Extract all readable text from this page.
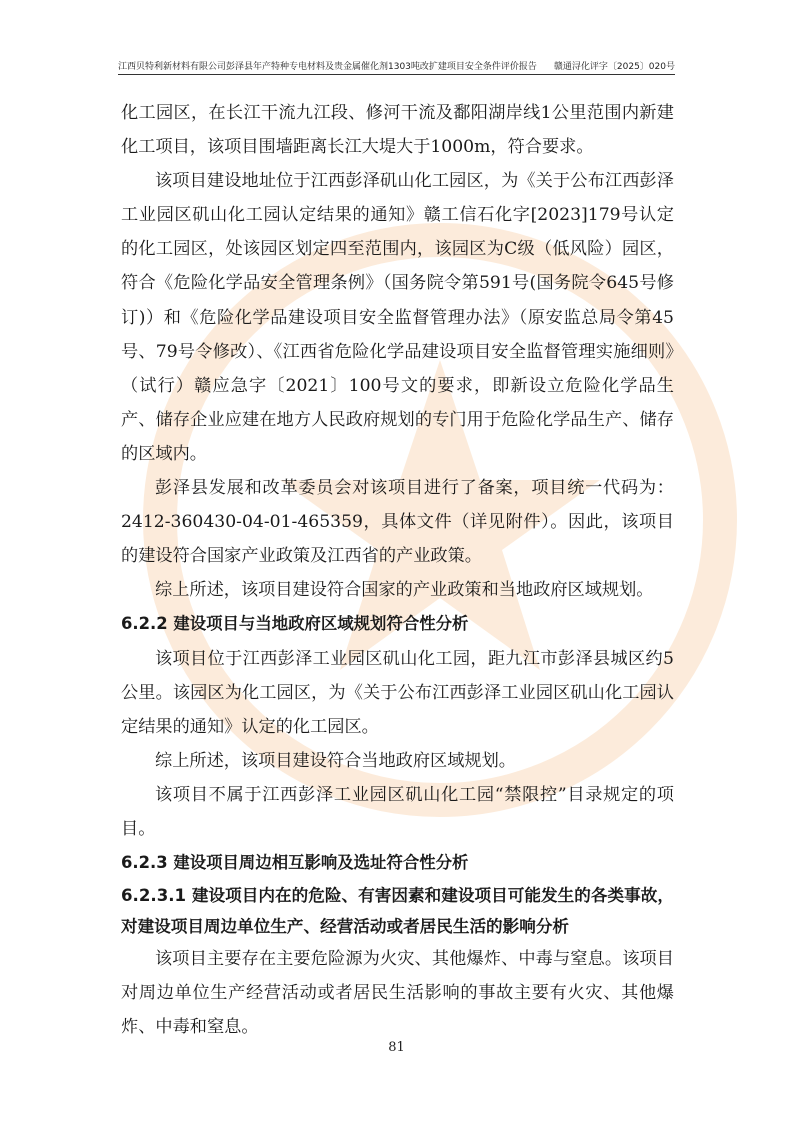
江西贝特利新材料有限公司彭泽县年产特种专电材料及贵金属催化剂1303吨改扩建项目安全条件评价报告 赣通浔化评字〔2025〕020号

化工园区，在长江干流九江段、修河干流及鄱阳湖岸线1公里范围内新建化工项目，该项目围墙距离长江大堤大于1000m，符合要求。

该项目建设地址位于江西彭泽矶山化工园区，为《关于公布江西彭泽工业园区矶山化工园认定结果的通知》赣工信石化字[2023]179号认定的化工园区，处该园区划定四至范围内，该园区为C级（低风险）园区，符合《危险化学品安全管理条例》（国务院令第591号(国务院令645号修订)）和《危险化学品建设项目安全监督管理办法》（原安监总局令第45号、79号令修改）、《江西省危险化学品建设项目安全监督管理实施细则》（试行）赣应急字〔2021〕100号文的要求，即新设立危险化学品生产、储存企业应建在地方人民政府规划的专门用于危险化学品生产、储存的区域内。

彭泽县发展和改革委员会对该项目进行了备案，项目统一代码为：2412-360430-04-01-465359，具体文件（详见附件）。因此，该项目的建设符合国家产业政策及江西省的产业政策。

综上所述，该项目建设符合国家的产业政策和当地政府区域规划。

6.2.2 建设项目与当地政府区域规划符合性分析

该项目位于江西彭泽工业园区矶山化工园，距九江市彭泽县城区约5公里。该园区为化工园区，为《关于公布江西彭泽工业园区矶山化工园认定结果的通知》认定的化工园区。

综上所述，该项目建设符合当地政府区域规划。

该项目不属于江西彭泽工业园区矶山化工园“禁限控”目录规定的项目。

6.2.3 建设项目周边相互影响及选址符合性分析

6.2.3.1 建设项目内在的危险、有害因素和建设项目可能发生的各类事故，对建设项目周边单位生产、经营活动或者居民生活的影响分析

该项目主要存在主要危险源为火灾、其他爆炸、中毒与窒息。该项目对周边单位生产经营活动或者居民生活影响的事故主要有火灾、其他爆炸、中毒和窒息。

81
